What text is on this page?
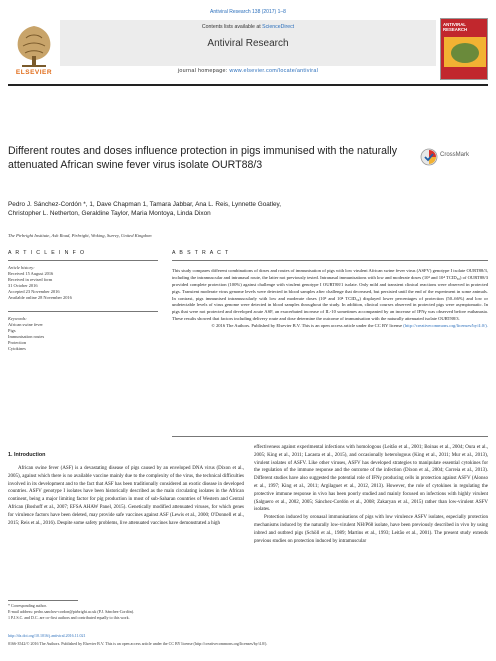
Antiviral Research 138 (2017) 1–8
ELSEVIER
Contents lists available at ScienceDirect
Antiviral Research
journal homepage: www.elsevier.com/locate/antiviral
ANTIVIRAL RESEARCH
Different routes and doses influence protection in pigs immunised with the naturally attenuated African swine fever virus isolate OURT88/3
CrossMark
Pedro J. Sánchez-Cordón *, 1, Dave Chapman 1, Tamara Jabbar, Ana L. Reis, Lynnette Goatley,
Christopher L. Netherton, Geraldine Taylor, Maria Montoya, Linda Dixon
The Pirbright Institute, Ash Road, Pirbright, Woking, Surrey, United Kingdom
A R T I C L E I N F O	A B S T R A C T
Article history:
Received 15 August 2016
Received in revised form
31 October 2016
Accepted 23 November 2016
Available online 28 November 2016
Keywords:
African swine fever
Pigs
Immunisation routes
Protection
Cytokines
This study compares different combinations of doses and routes of immunisation of pigs with low virulent African swine fever virus (ASFV) genotype I isolate OURT88/3, including the intramuscular and intranasal route, the latter not previously tested. Intranasal immunisations with low and moderate doses (10³ and 10⁴ TCID₅₀) of OURT88/3 provided complete protection (100%) against challenge with virulent genotype I OURT88/1 isolate. Only mild and transient clinical reactions were observed in protected pigs. Transient moderate virus genome levels were detected in blood samples after challenge that decreased, but persisted until the end of the experiment in some animals. In contrast, pigs immunised intramuscularly with low and moderate doses (10³ and 10⁴ TCID₅₀) displayed lower percentages of protection (50–66%) and low or undetectable levels of virus genome were detected in blood samples throughout the study. In addition, clinical courses observed in protected pigs were asymptomatic. In pigs that were not protected and developed acute ASF, an exacerbated increase of IL-10 sometimes accompanied by an increase of IFNγ was observed before euthanasia. These results showed that factors including delivery route and dose determine the outcome of immunisation with the naturally attenuated isolate OURT88/3.
© 2016 The Authors. Published by Elsevier B.V. This is an open access article under the CC BY license (http://creativecommons.org/licenses/by/4.0/).
1. Introduction

African swine fever (ASF) is a devastating disease of pigs caused by an enveloped DNA virus (Dixon et al., 2005), against which there is no available vaccine mainly due to the complexity of the virus, the technical difficulties involved in its development and to the fact that ASF has been traditionally considered an exotic disease in developed countries. ASFV genotype I isolates have been historically described as the main circulating isolates in the African continent, being a major limiting factor for pig production in most of sub-Saharan countries of Western and Central African (Boshoff et al., 2007; EFSA AHAW Panel, 2015). Genetically modified attenuated viruses, for which genes for virulence factors have been deleted, may provide safe vaccines against ASF (Lewis et al., 2000; O'Donnell et al., 2015; Reis et al., 2016). Despite some safety problems, live attenuated vaccines have demonstrated a high

effectiveness against experimental infections with homologous (Leitão et al., 2001; Boinas et al., 2004; Oura et al., 2005; King et al., 2011; Lacasta et al., 2015), and occasionally heterologous (King et al., 2011; Mur et al., 2013), virulent isolates of ASFV. Like other viruses, ASFV has developed strategies to manipulate essential cytokines for the regulation of the immune response and the outcome of the infection (Dixon et al., 2004; Correia et al., 2013). Different studies have also suggested the potential role of IFNγ producing cells in protection against ASFV (Alonso et al., 1997; King et al., 2011; Argilaguet et al., 2012, 2013). However, the role of cytokines in regulating the protective immune response in vivo has been poorly studied and mainly focused on infections with highly virulent (Salguero et al., 2002, 2005; Sánchez-Cordón et al., 2008; Zakaryan et al., 2015) rather than low-virulent ASFV isolates.

Protection induced by oronasal immunisations of pigs with low virulence ASFV isolates, especially protection mechanisms induced by the naturally low-virulent NH/P68 isolate, have been previously described in vivo by using inbred and outbred pigs (Schöll et al., 1989; Martins et al., 1993; Leitão et al., 2001). The present study extends previous studies on protection induced by intramuscular

* Corresponding author.
E-mail address: pedro.sanchez-cordon@pirbright.ac.uk (P.J. Sánchez-Cordón).
1 P.J.S.C. and D.C. are co-first authors and contributed equally to this work.
http://dx.doi.org/10.1016/j.antiviral.2016.11.021
0166-3542/© 2016 The Authors. Published by Elsevier B.V. This is an open access article under the CC BY license (http://creativecommons.org/licenses/by/4.0/).
